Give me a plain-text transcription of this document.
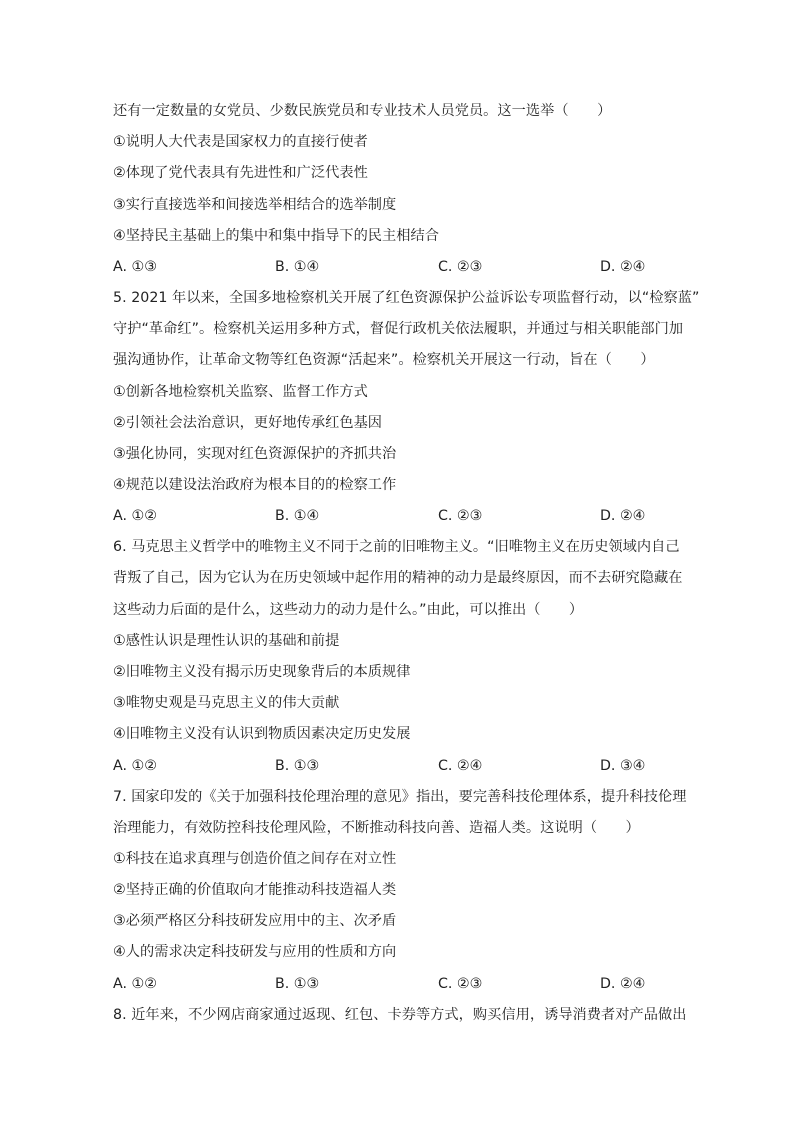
还有一定数量的女党员、少数民族党员和专业技术人员党员。这一选举（　　）
①说明人大代表是国家权力的直接行使者
②体现了党代表具有先进性和广泛代表性
③实行直接选举和间接选举相结合的选举制度
④坚持民主基础上的集中和集中指导下的民主相结合
A. ①③	B. ①④	C. ②③	D. ②④
5. 2021 年以来，全国多地检察机关开展了红色资源保护公益诉讼专项监督行动，以“检察蓝”
守护“革命红”。检察机关运用多种方式，督促行政机关依法履职，并通过与相关职能部门加
强沟通协作，让革命文物等红色资源“活起来”。检察机关开展这一行动，旨在（　　）
①创新各地检察机关监察、监督工作方式
②引领社会法治意识，更好地传承红色基因
③强化协同，实现对红色资源保护的齐抓共治
④规范以建设法治政府为根本目的的检察工作
A. ①②	B. ①④	C. ②③	D. ②④
6. 马克思主义哲学中的唯物主义不同于之前的旧唯物主义。“旧唯物主义在历史领域内自己
背叛了自己，因为它认为在历史领域中起作用的精神的动力是最终原因，而不去研究隐藏在
这些动力后面的是什么，这些动力的动力是什么。”由此，可以推出（　　）
①感性认识是理性认识的基础和前提
②旧唯物主义没有揭示历史现象背后的本质规律
③唯物史观是马克思主义的伟大贡献
④旧唯物主义没有认识到物质因素决定历史发展
A. ①②	B. ①③	C. ②④	D. ③④
7. 国家印发的《关于加强科技伦理治理的意见》指出，要完善科技伦理体系，提升科技伦理
治理能力，有效防控科技伦理风险，不断推动科技向善、造福人类。这说明（　　）
①科技在追求真理与创造价值之间存在对立性
②坚持正确的价值取向才能推动科技造福人类
③必须严格区分科技研发应用中的主、次矛盾
④人的需求决定科技研发与应用的性质和方向
A. ①②	B. ①③	C. ②③	D. ②④
8. 近年来，不少网店商家通过返现、红包、卡券等方式，购买信用，诱导消费者对产品做出
